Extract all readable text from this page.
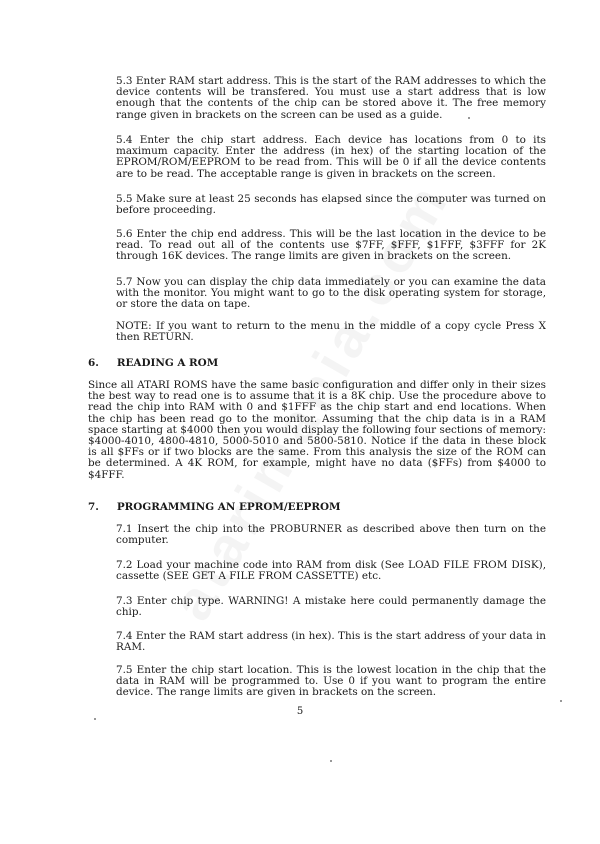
5.3 Enter RAM start address. This is the start of the RAM addresses to which the device contents will be transfered. You must use a start address that is low enough that the contents of the chip can be stored above it. The free memory range given in brackets on the screen can be used as a guide.

5.4 Enter the chip start address. Each device has locations from 0 to its maximum capacity. Enter the address (in hex) of the starting location of the EPROM/ROM/EEPROM to be read from. This will be 0 if all the device contents are to be read. The acceptable range is given in brackets on the screen.

5.5 Make sure at least 25 seconds has elapsed since the computer was turned on before proceeding.

5.6 Enter the chip end address. This will be the last location in the device to be read. To read out all of the contents use $7FF, $FFF, $1FFF, $3FFF for 2K through 16K devices. The range limits are given in brackets on the screen.

5.7 Now you can display the chip data immediately or you can examine the data with the monitor. You might want to go to the disk operating system for storage, or store the data on tape.

NOTE: If you want to return to the menu in the middle of a copy cycle Press X then RETURN.

6. READING A ROM

Since all ATARI ROMS have the same basic configuration and differ only in their sizes the best way to read one is to assume that it is a 8K chip. Use the procedure above to read the chip into RAM with 0 and $1FFF as the chip start and end locations. When the chip has been read go to the monitor. Assuming that the chip data is in a RAM space starting at $4000 then you would display the following four sections of memory: $4000-4010, 4800-4810, 5000-5010 and 5800-5810. Notice if the data in these block is all $FFs or if two blocks are the same. From this analysis the size of the ROM can be determined. A 4K ROM, for example, might have no data ($FFs) from $4000 to $4FFF.

7. PROGRAMMING AN EPROM/EEPROM

7.1 Insert the chip into the PROBURNER as described above then turn on the computer.

7.2 Load your machine code into RAM from disk (See LOAD FILE FROM DISK), cassette (SEE GET A FILE FROM CASSETTE) etc.

7.3 Enter chip type. WARNING! A mistake here could permanently damage the chip.

7.4 Enter the RAM start address (in hex). This is the start address of your data in RAM.

7.5 Enter the chip start location. This is the lowest location in the chip that the data in RAM will be programmed to. Use 0 if you want to program the entire device. The range limits are given in brackets on the screen.

5
